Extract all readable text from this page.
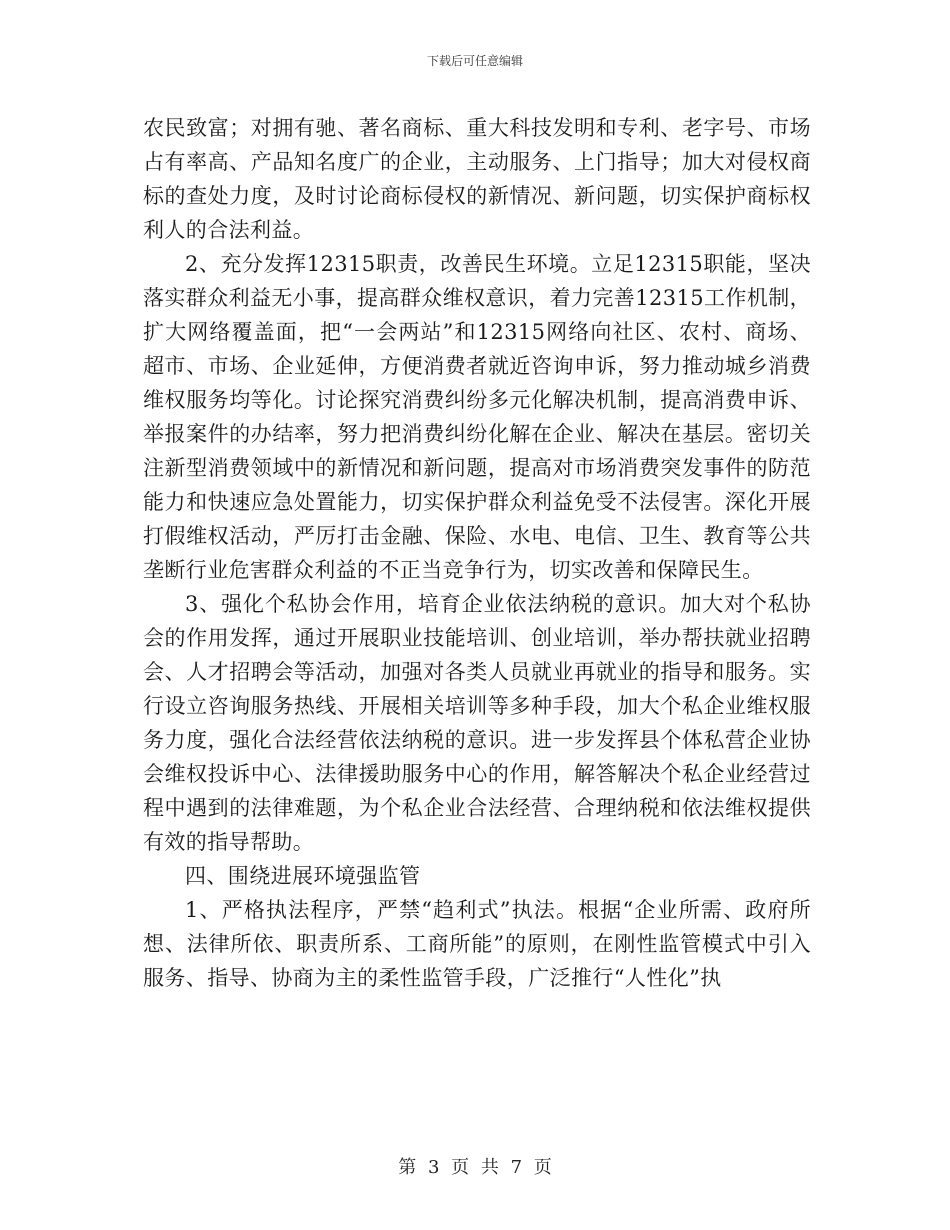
下载后可任意编辑

农民致富；对拥有驰、著名商标、重大科技发明和专利、老字号、市场占有率高、产品知名度广的企业，主动服务、上门指导；加大对侵权商标的查处力度，及时讨论商标侵权的新情况、新问题，切实保护商标权利人的合法利益。

2、充分发挥12315职责，改善民生环境。立足12315职能，坚决落实群众利益无小事，提高群众维权意识，着力完善12315工作机制，扩大网络覆盖面，把“一会两站”和12315网络向社区、农村、商场、超市、市场、企业延伸，方便消费者就近咨询申诉，努力推动城乡消费维权服务均等化。讨论探究消费纠纷多元化解决机制，提高消费申诉、举报案件的办结率，努力把消费纠纷化解在企业、解决在基层。密切关注新型消费领域中的新情况和新问题，提高对市场消费突发事件的防范能力和快速应急处置能力，切实保护群众利益免受不法侵害。深化开展打假维权活动，严厉打击金融、保险、水电、电信、卫生、教育等公共垄断行业危害群众利益的不正当竞争行为，切实改善和保障民生。

3、强化个私协会作用，培育企业依法纳税的意识。加大对个私协会的作用发挥，通过开展职业技能培训、创业培训，举办帮扶就业招聘会、人才招聘会等活动，加强对各类人员就业再就业的指导和服务。实行设立咨询服务热线、开展相关培训等多种手段，加大个私企业维权服务力度，强化合法经营依法纳税的意识。进一步发挥县个体私营企业协会维权投诉中心、法律援助服务中心的作用，解答解决个私企业经营过程中遇到的法律难题，为个私企业合法经营、合理纳税和依法维权提供有效的指导帮助。

四、围绕进展环境强监管

1、严格执法程序，严禁“趋利式”执法。根据“企业所需、政府所想、法律所依、职责所系、工商所能”的原则，在刚性监管模式中引入服务、指导、协商为主的柔性监管手段，广泛推行“人性化”执

第 3 页 共 7 页
